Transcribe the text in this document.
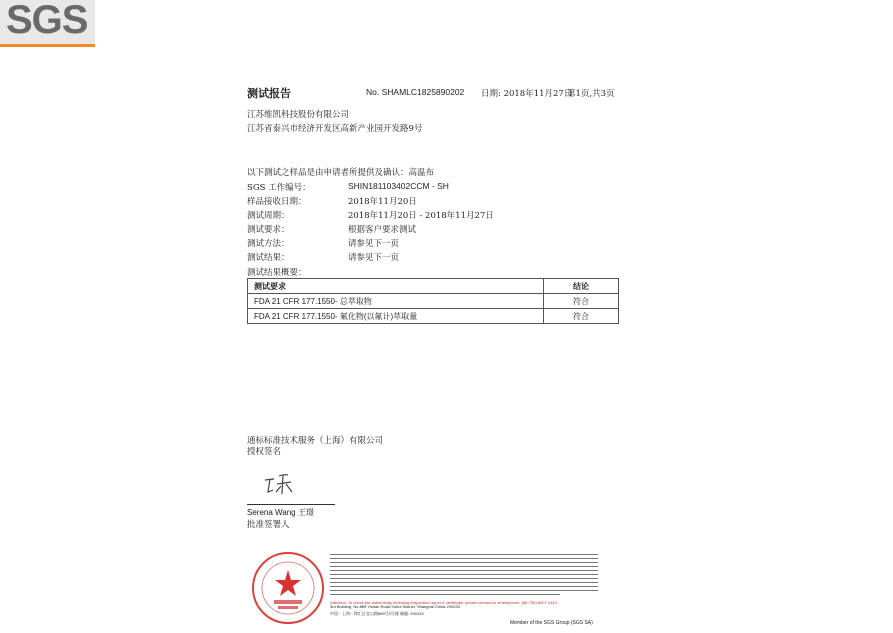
SGS
测试报告	No. SHAMLC1825890202 日期: 2018年11月27日
第1页,共3页
江苏维凯科技股份有限公司
江苏省泰兴市经济开发区高新产业园开发路9号
以下测试之样品是由申请者所提供及确认：高温布
SGS 工作编号：	SHIN181103402CCM - SH
样品接收日期：	2018年11月20日
测试周期：	2018年11月20日 - 2018年11月27日
测试要求：	根据客户要求测试
测试方法：	请参见下一页
测试结果：	请参见下一页
测试结果概要：
测试要求	结论
FDA 21 CFR 177.1550- 总萃取物	符合
FDA 21 CFR 177.1550- 氟化物(以氟计)萃取量	符合
通标标准技术服务（上海）有限公司
授权签名
Serena Wang 王璟
批准签署人
Attention: To check the authenticity of testing /inspection report & certificate, please contact us at telephone: (86-755) 8307 1443,
3rd Building, No.889 Yishan Road Xuhui District, Shanghai China 200233
中国・上海・徐汇区宜山路889号3号楼 邮编: 200233
Member of the SGS Group (SGS SA)
